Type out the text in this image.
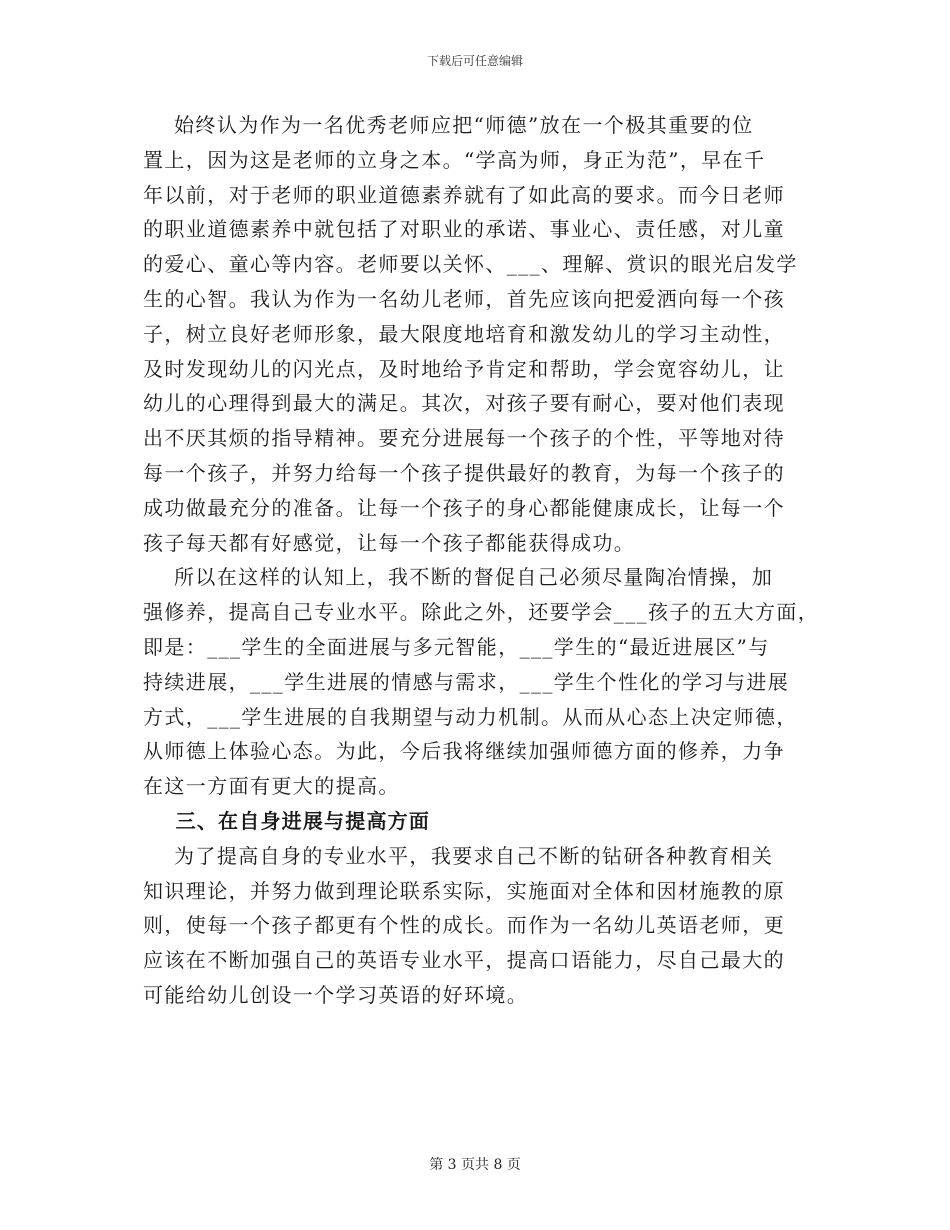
下载后可任意编辑
始终认为作为一名优秀老师应把“师德”放在一个极其重要的位
置上，因为这是老师的立身之本。“学高为师，身正为范”，早在千
年以前，对于老师的职业道德素养就有了如此高的要求。而今日老师
的职业道德素养中就包括了对职业的承诺、事业心、责任感，对儿童
的爱心、童心等内容。老师要以关怀、___、理解、赏识的眼光启发学
生的心智。我认为作为一名幼儿老师，首先应该向把爱洒向每一个孩
子，树立良好老师形象，最大限度地培育和激发幼儿的学习主动性，
及时发现幼儿的闪光点，及时地给予肯定和帮助，学会宽容幼儿，让
幼儿的心理得到最大的满足。其次，对孩子要有耐心，要对他们表现
出不厌其烦的指导精神。要充分进展每一个孩子的个性，平等地对待
每一个孩子，并努力给每一个孩子提供最好的教育，为每一个孩子的
成功做最充分的准备。让每一个孩子的身心都能健康成长，让每一个
孩子每天都有好感觉，让每一个孩子都能获得成功。
所以在这样的认知上，我不断的督促自己必须尽量陶冶情操，加
强修养，提高自己专业水平。除此之外，还要学会___孩子的五大方面，
即是：___学生的全面进展与多元智能，___学生的“最近进展区”与
持续进展，___学生进展的情感与需求，___学生个性化的学习与进展
方式，___学生进展的自我期望与动力机制。从而从心态上决定师德，
从师德上体验心态。为此，今后我将继续加强师德方面的修养，力争
在这一方面有更大的提高。
三、在自身进展与提高方面
为了提高自身的专业水平，我要求自己不断的钻研各种教育相关
知识理论，并努力做到理论联系实际，实施面对全体和因材施教的原
则，使每一个孩子都更有个性的成长。而作为一名幼儿英语老师，更
应该在不断加强自己的英语专业水平，提高口语能力，尽自己最大的
可能给幼儿创设一个学习英语的好环境。
第 3 页共 8 页
